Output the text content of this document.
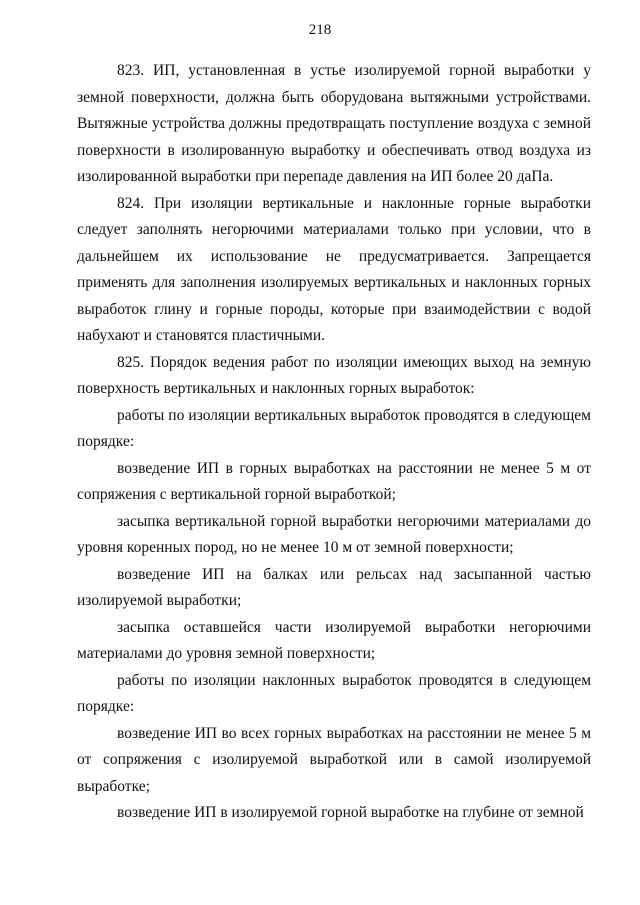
218

823. ИП, установленная в устье изолируемой горной выработки у земной поверхности, должна быть оборудована вытяжными устройствами. Вытяжные устройства должны предотвращать поступление воздуха с земной поверхности в изолированную выработку и обеспечивать отвод воздуха из изолированной выработки при перепаде давления на ИП более 20 даПа.

824. При изоляции вертикальные и наклонные горные выработки следует заполнять негорючими материалами только при условии, что в дальнейшем их использование не предусматривается. Запрещается применять для заполнения изолируемых вертикальных и наклонных горных выработок глину и горные породы, которые при взаимодействии с водой набухают и становятся пластичными.

825. Порядок ведения работ по изоляции имеющих выход на земную поверхность вертикальных и наклонных горных выработок:

работы по изоляции вертикальных выработок проводятся в следующем порядке:

возведение ИП в горных выработках на расстоянии не менее 5 м от сопряжения с вертикальной горной выработкой;

засыпка вертикальной горной выработки негорючими материалами до уровня коренных пород, но не менее 10 м от земной поверхности;

возведение ИП на балках или рельсах над засыпанной частью изолируемой выработки;

засыпка оставшейся части изолируемой выработки негорючими материалами до уровня земной поверхности;

работы по изоляции наклонных выработок проводятся в следующем порядке:

возведение ИП во всех горных выработках на расстоянии не менее 5 м от сопряжения с изолируемой выработкой или в самой изолируемой выработке;

возведение ИП в изолируемой горной выработке на глубине от земной
